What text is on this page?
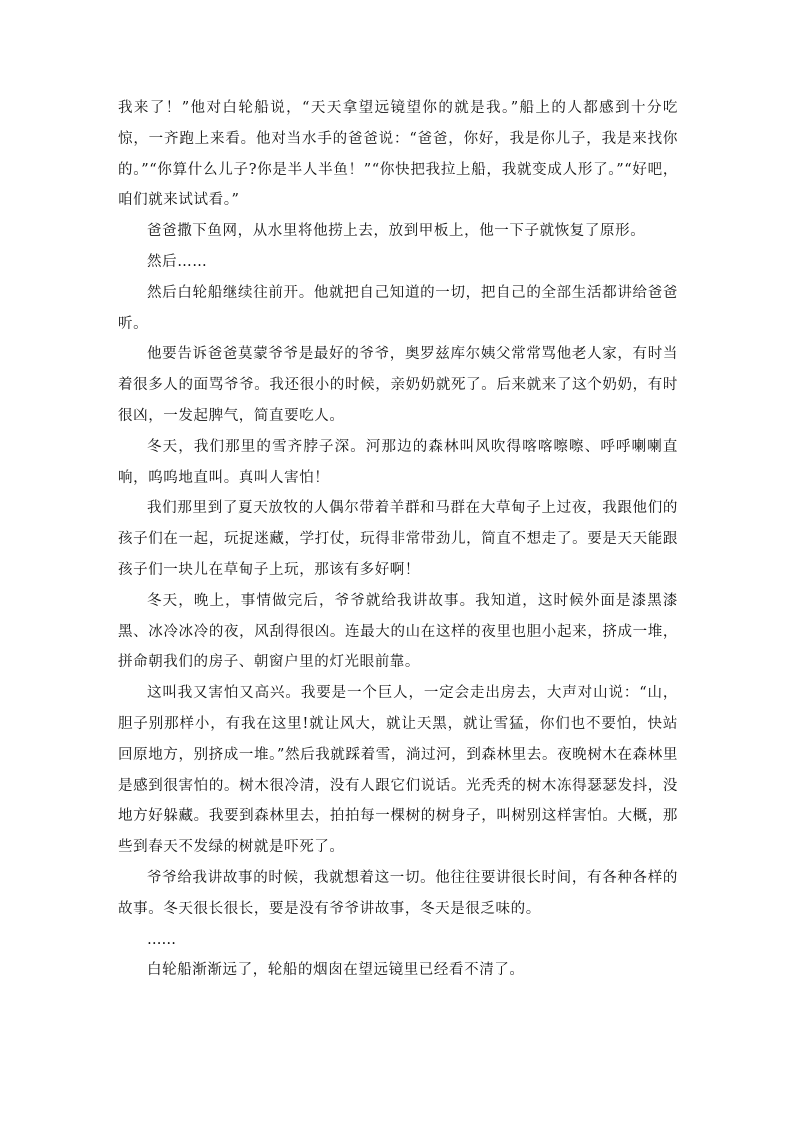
我来了！”他对白轮船说，“天天拿望远镜望你的就是我。”船上的人都感到十分吃惊，一齐跑上来看。他对当水手的爸爸说：“爸爸，你好，我是你儿子，我是来找你的。”“你算什么儿子?你是半人半鱼！”“你快把我拉上船，我就变成人形了。”“好吧，咱们就来试试看。”

爸爸撒下鱼网，从水里将他捞上去，放到甲板上，他一下子就恢复了原形。

然后……

然后白轮船继续往前开。他就把自己知道的一切，把自己的全部生活都讲给爸爸听。

他要告诉爸爸莫蒙爷爷是最好的爷爷，奥罗兹库尔姨父常常骂他老人家，有时当着很多人的面骂爷爷。我还很小的时候，亲奶奶就死了。后来就来了这个奶奶，有时很凶，一发起脾气，简直要吃人。

冬天，我们那里的雪齐脖子深。河那边的森林叫风吹得喀喀嚓嚓、呼呼喇喇直响，呜呜地直叫。真叫人害怕！

我们那里到了夏天放牧的人偶尔带着羊群和马群在大草甸子上过夜，我跟他们的孩子们在一起，玩捉迷藏，学打仗，玩得非常带劲儿，简直不想走了。要是天天能跟孩子们一块儿在草甸子上玩，那该有多好啊！

冬天，晚上，事情做完后，爷爷就给我讲故事。我知道，这时候外面是漆黑漆黑、冰冷冰冷的夜，风刮得很凶。连最大的山在这样的夜里也胆小起来，挤成一堆，拼命朝我们的房子、朝窗户里的灯光眼前靠。

这叫我又害怕又高兴。我要是一个巨人，一定会走出房去，大声对山说：“山，胆子别那样小，有我在这里!就让风大，就让天黑，就让雪猛，你们也不要怕，快站回原地方，别挤成一堆。”然后我就踩着雪，淌过河，到森林里去。夜晚树木在森林里是感到很害怕的。树木很冷清，没有人跟它们说话。光秃秃的树木冻得瑟瑟发抖，没地方好躲藏。我要到森林里去，拍拍每一棵树的树身子，叫树别这样害怕。大概，那些到春天不发绿的树就是吓死了。

爷爷给我讲故事的时候，我就想着这一切。他往往要讲很长时间，有各种各样的故事。冬天很长很长，要是没有爷爷讲故事，冬天是很乏味的。

……

白轮船渐渐远了，轮船的烟囱在望远镜里已经看不清了。
